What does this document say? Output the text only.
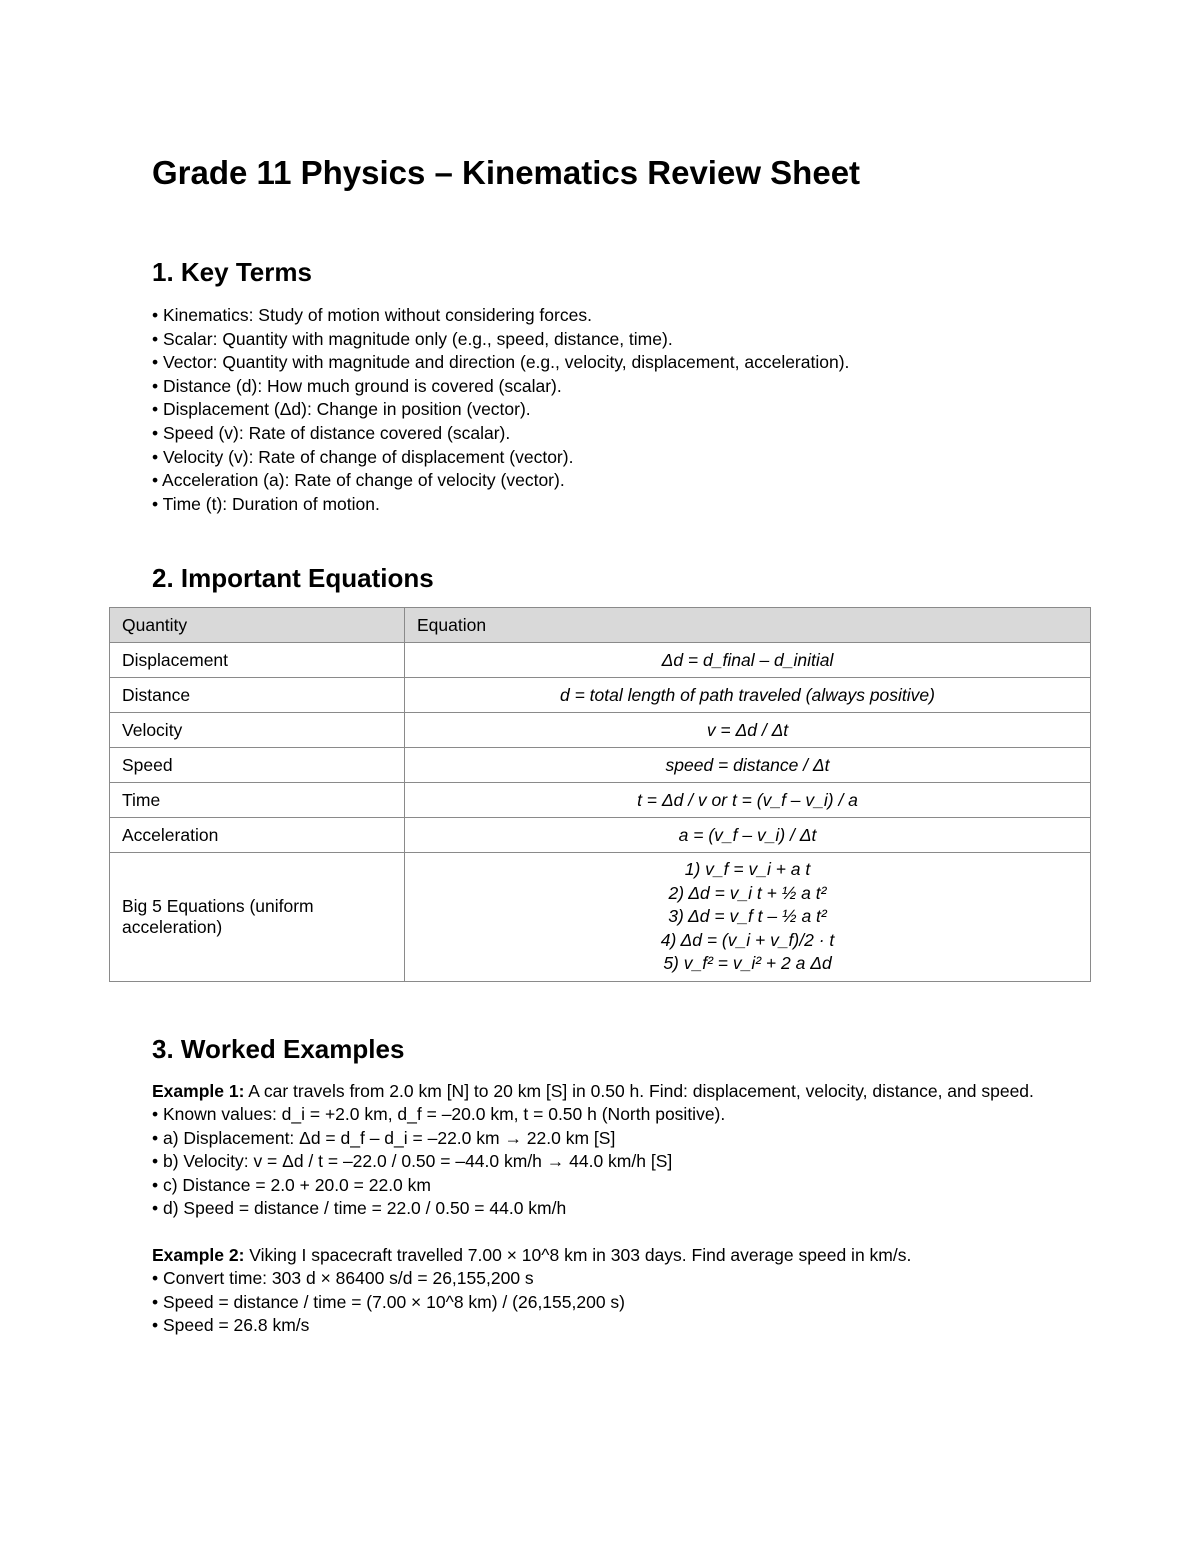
Grade 11 Physics – Kinematics Review Sheet
1. Key Terms
• Kinematics: Study of motion without considering forces.
• Scalar: Quantity with magnitude only (e.g., speed, distance, time).
• Vector: Quantity with magnitude and direction (e.g., velocity, displacement, acceleration).
• Distance (d): How much ground is covered (scalar).
• Displacement (Δd): Change in position (vector).
• Speed (v): Rate of distance covered (scalar).
• Velocity (v): Rate of change of displacement (vector).
• Acceleration (a): Rate of change of velocity (vector).
• Time (t): Duration of motion.
2. Important Equations
Quantity	Equation
Displacement	Δd = d_final – d_initial
Distance	d = total length of path traveled (always positive)
Velocity	v = Δd / Δt
Speed	speed = distance / Δt
Time	t = Δd / v or t = (v_f – v_i) / a
Acceleration	a = (v_f – v_i) / Δt
Big 5 Equations (uniform acceleration)	1) v_f = v_i + a t
2) Δd = v_i t + ½ a t²
3) Δd = v_f t – ½ a t²
4) Δd = (v_i + v_f)/2 · t
5) v_f² = v_i² + 2 a Δd
3. Worked Examples
Example 1: A car travels from 2.0 km [N] to 20 km [S] in 0.50 h. Find: displacement, velocity, distance, and speed.
• Known values: d_i = +2.0 km, d_f = –20.0 km, t = 0.50 h (North positive).
• a) Displacement: Δd = d_f – d_i = –22.0 km → 22.0 km [S]
• b) Velocity: v = Δd / t = –22.0 / 0.50 = –44.0 km/h → 44.0 km/h [S]
• c) Distance = 2.0 + 20.0 = 22.0 km
• d) Speed = distance / time = 22.0 / 0.50 = 44.0 km/h
Example 2: Viking I spacecraft travelled 7.00 × 10^8 km in 303 days. Find average speed in km/s.
• Convert time: 303 d × 86400 s/d = 26,155,200 s
• Speed = distance / time = (7.00 × 10^8 km) / (26,155,200 s)
• Speed = 26.8 km/s
